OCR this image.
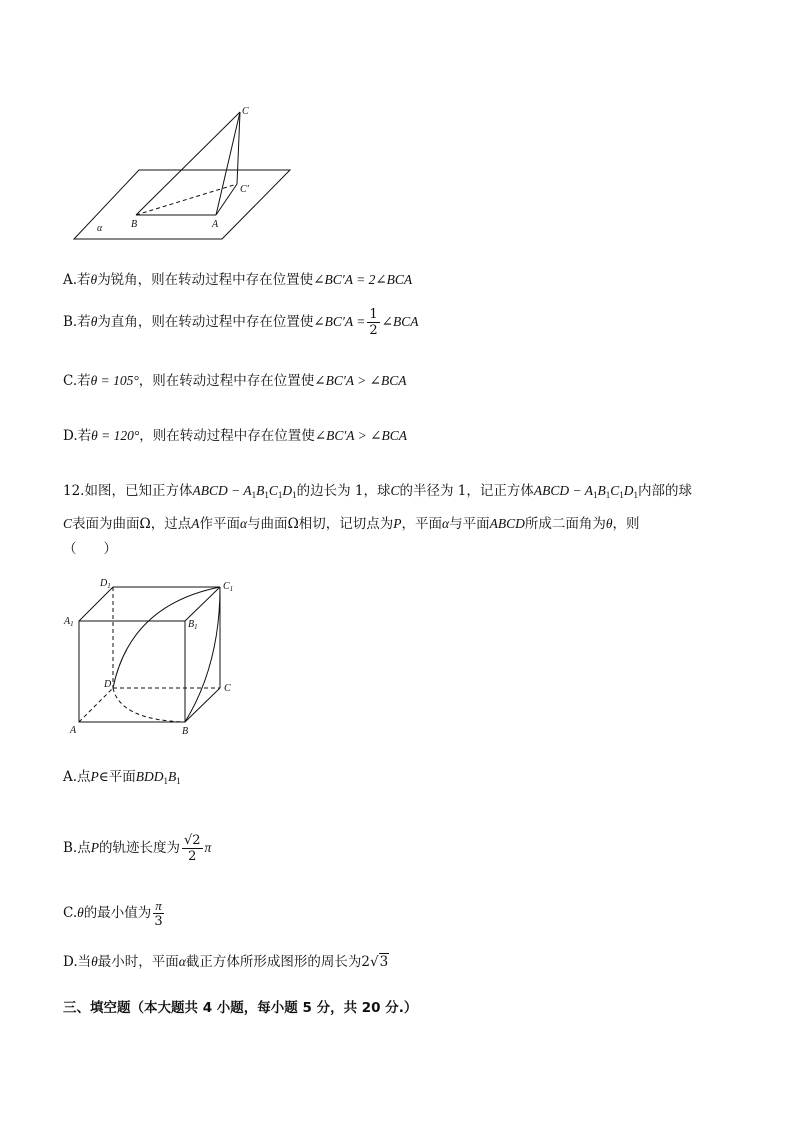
C
C′
B	A
α
A.若θ为锐角，则在转动过程中存在位置使∠BC′A = 2∠BCA
B.若θ为直角，则在转动过程中存在位置使∠BC′A = $\frac{1}{2}$ ∠BCA
C.若θ = 105°，则在转动过程中存在位置使∠BC′A > ∠BCA
D.若θ = 120°，则在转动过程中存在位置使∠BC′A > ∠BCA
12.如图，已知正方体ABCD − $A_1B_1C_1D_1$的边长为 1，球C的半径为 1，记正方体ABCD − $A_1B_1C_1D_1$内部的球
C表面为曲面Ω，过点A作平面α与曲面Ω相切，记切点为P，平面α与平面ABCD所成二面角为θ，则
（　　）
$D_1$	$C_1$
$A_1$	$B_1$
D	C
A	B
A.点P∈平面$BDD_1B_1$
B.点P的轨迹长度为 $\frac{√2}{2}$ π
C.θ的最小值为 $\frac{\pi}{3}$
D.当θ最小时，平面α截正方体所形成图形的周长为2√3
三、填空题（本大题共 4 小题，每小题 5 分，共 20 分.）
